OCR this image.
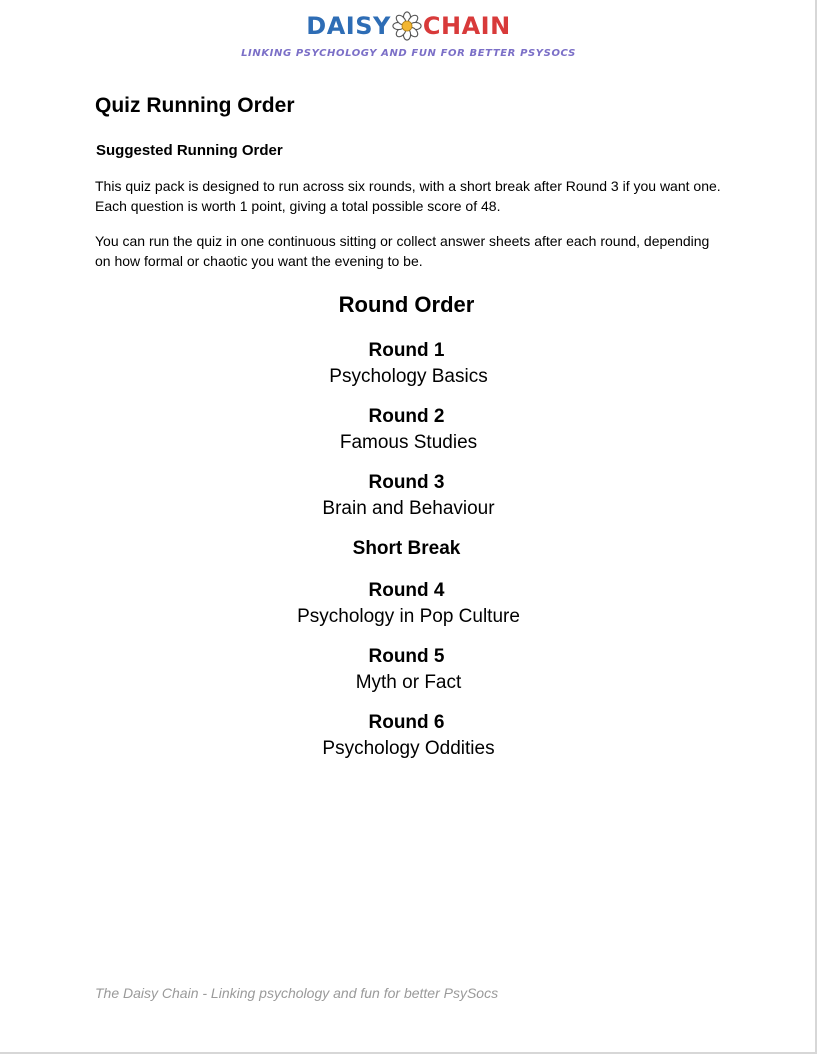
DAISY CHAIN
LINKING PSYCHOLOGY AND FUN FOR BETTER PSYSOCS
Quiz Running Order
Suggested Running Order

This quiz pack is designed to run across six rounds, with a short break after Round 3 if you want one. Each question is worth 1 point, giving a total possible score of 48.

You can run the quiz in one continuous sitting or collect answer sheets after each round, depending on how formal or chaotic you want the evening to be.

Round Order
Round 1
Psychology Basics
Round 2
Famous Studies
Round 3
Brain and Behaviour
Short Break
Round 4
Psychology in Pop Culture
Round 5
Myth or Fact
Round 6
Psychology Oddities
The Daisy Chain - Linking psychology and fun for better PsySocs
